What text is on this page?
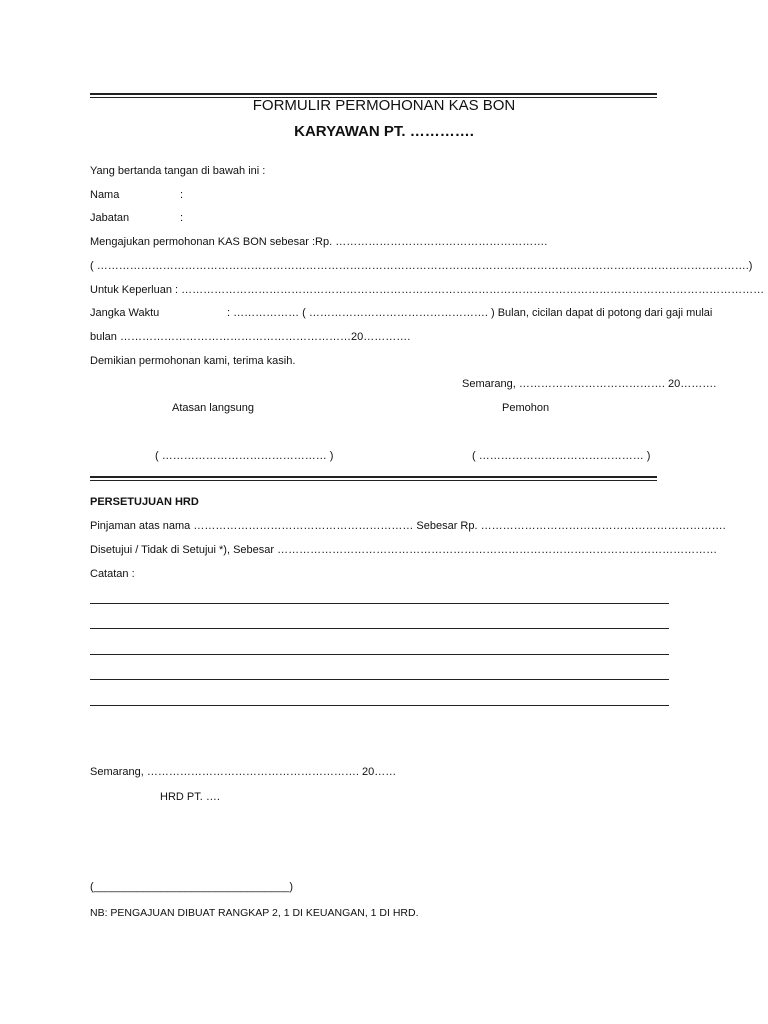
FORMULIR PERMOHONAN KAS BON
KARYAWAN PT. ………….
Yang bertanda tangan di bawah ini :
Nama	:
Jabatan	:
Mengajukan permohonan KAS BON sebesar :Rp. ………………………………………………….
( …………………………………………………………………………………………………………………………………………………………….)
Untuk Keperluan : ……………………………………………………………………………………………………………………………………………
Jangka Waktu	: ……………… ( …………………………………………. ) Bulan, cicilan dapat di potong dari gaji mulai
bulan ………………………………………………………20………….
Demikian permohonan kami, terima kasih.
Semarang, …………………………………. 20……….
Atasan langsung	Pemohon
( ……………………………………… )	( ……………………………………… )
PERSETUJUAN HRD
Pinjaman atas nama …………………………………………………… Sebesar Rp. ………………………………………………………….
Disetujui / Tidak di Setujui *), Sebesar …………………………………………………………………………………………………………
Catatan :
Semarang, …………………………………………………. 20……
HRD PT. ….
(________________________________)
NB: PENGAJUAN DIBUAT RANGKAP 2, 1 DI KEUANGAN, 1 DI HRD.
